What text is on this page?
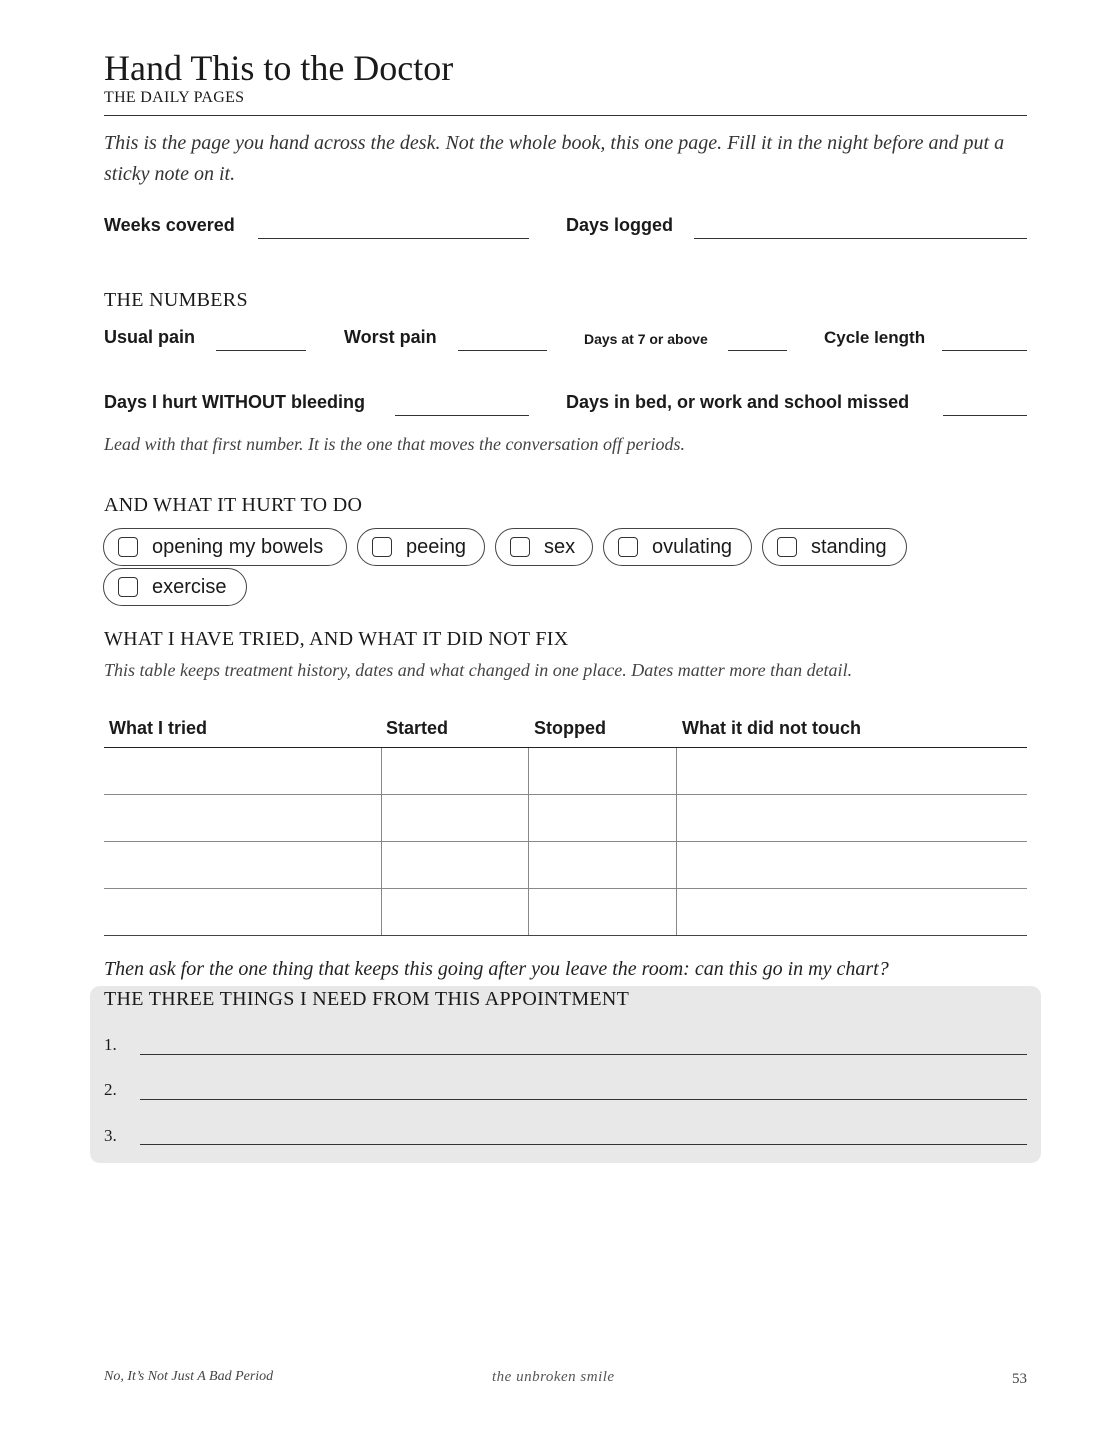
Hand This to the Doctor
THE DAILY PAGES
This is the page you hand across the desk. Not the whole book, this one page. Fill it in the night before and put a sticky note on it.
Weeks covered	Days logged
THE NUMBERS
Usual pain	Worst pain	Days at 7 or above	Cycle length
Days I hurt WITHOUT bleeding	Days in bed, or work and school missed
Lead with that first number. It is the one that moves the conversation off periods.
AND WHAT IT HURT TO DO
opening my bowels	peeing	sex	ovulating	standing
exercise
WHAT I HAVE TRIED, AND WHAT IT DID NOT FIX
This table keeps treatment history, dates and what changed in one place. Dates matter more than detail.
What I tried	Started	Stopped	What it did not touch
Then ask for the one thing that keeps this going after you leave the room: can this go in my chart?
THE THREE THINGS I NEED FROM THIS APPOINTMENT
1.
2.
3.
No, It’s Not Just A Bad Period	the unbroken smile	53
